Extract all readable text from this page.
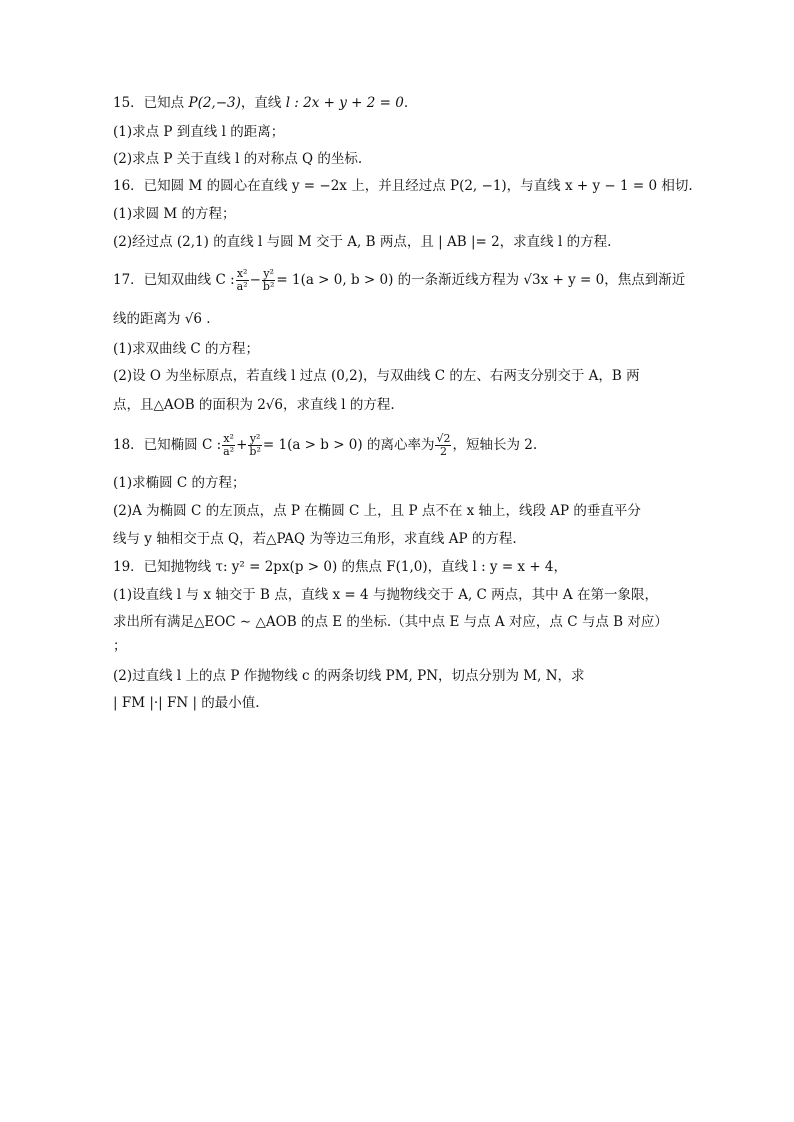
15．已知点 P(2,−3)，直线 l : 2x + y + 2 = 0.
(1)求点 P 到直线 l 的距离；
(2)求点 P 关于直线 l 的对称点 Q 的坐标.
16．已知圆 M 的圆心在直线 y = −2x 上，并且经过点 P(2, −1)，与直线 x + y − 1 = 0 相切.
(1)求圆 M 的方程；
(2)经过点 (2,1) 的直线 l 与圆 M 交于 A, B 两点，且 | AB |= 2，求直线 l 的方程.
17．已知双曲线 C : $\frac{\text{x²}}{\text{a²}} - \frac{\text{y²}}{\text{b²}} = 1(a > 0$, b > 0) 的一条渐近线方程为 √3x + y = 0，焦点到渐近
线的距离为 √6 .
(1)求双曲线 C 的方程；
(2)设 O 为坐标原点，若直线 l 过点 (0,2)，与双曲线 C 的左、右两支分别交于 A，B 两
点，且△AOB 的面积为 2√6，求直线 l 的方程.
18．已知椭圆 C : $\frac{\text{x²}}{\text{a²}} + \frac{\text{y²}}{\text{b²}} = 1(a > b > 0)$ 的离心率为 $\frac{√2}{2}$ ，短轴长为 2.
(1)求椭圆 C 的方程；
(2)A 为椭圆 C 的左顶点，点 P 在椭圆 C 上，且 P 点不在 x 轴上，线段 AP 的垂直平分
线与 y 轴相交于点 Q，若△PAQ 为等边三角形，求直线 AP 的方程.
19．已知抛物线 τ: y² = 2px(p > 0) 的焦点 F(1,0)，直线 l : y = x + 4，
(1)设直线 l 与 x 轴交于 B 点，直线 x = 4 与抛物线交于 A, C 两点，其中 A 在第一象限，
求出所有满足△EOC ∼ △AOB 的点 E 的坐标.（其中点 E 与点 A 对应，点 C 与点 B 对应）
；
(2)过直线 l 上的点 P 作抛物线 c 的两条切线 PM, PN，切点分别为 M, N，求
| FM |·| FN | 的最小值.
